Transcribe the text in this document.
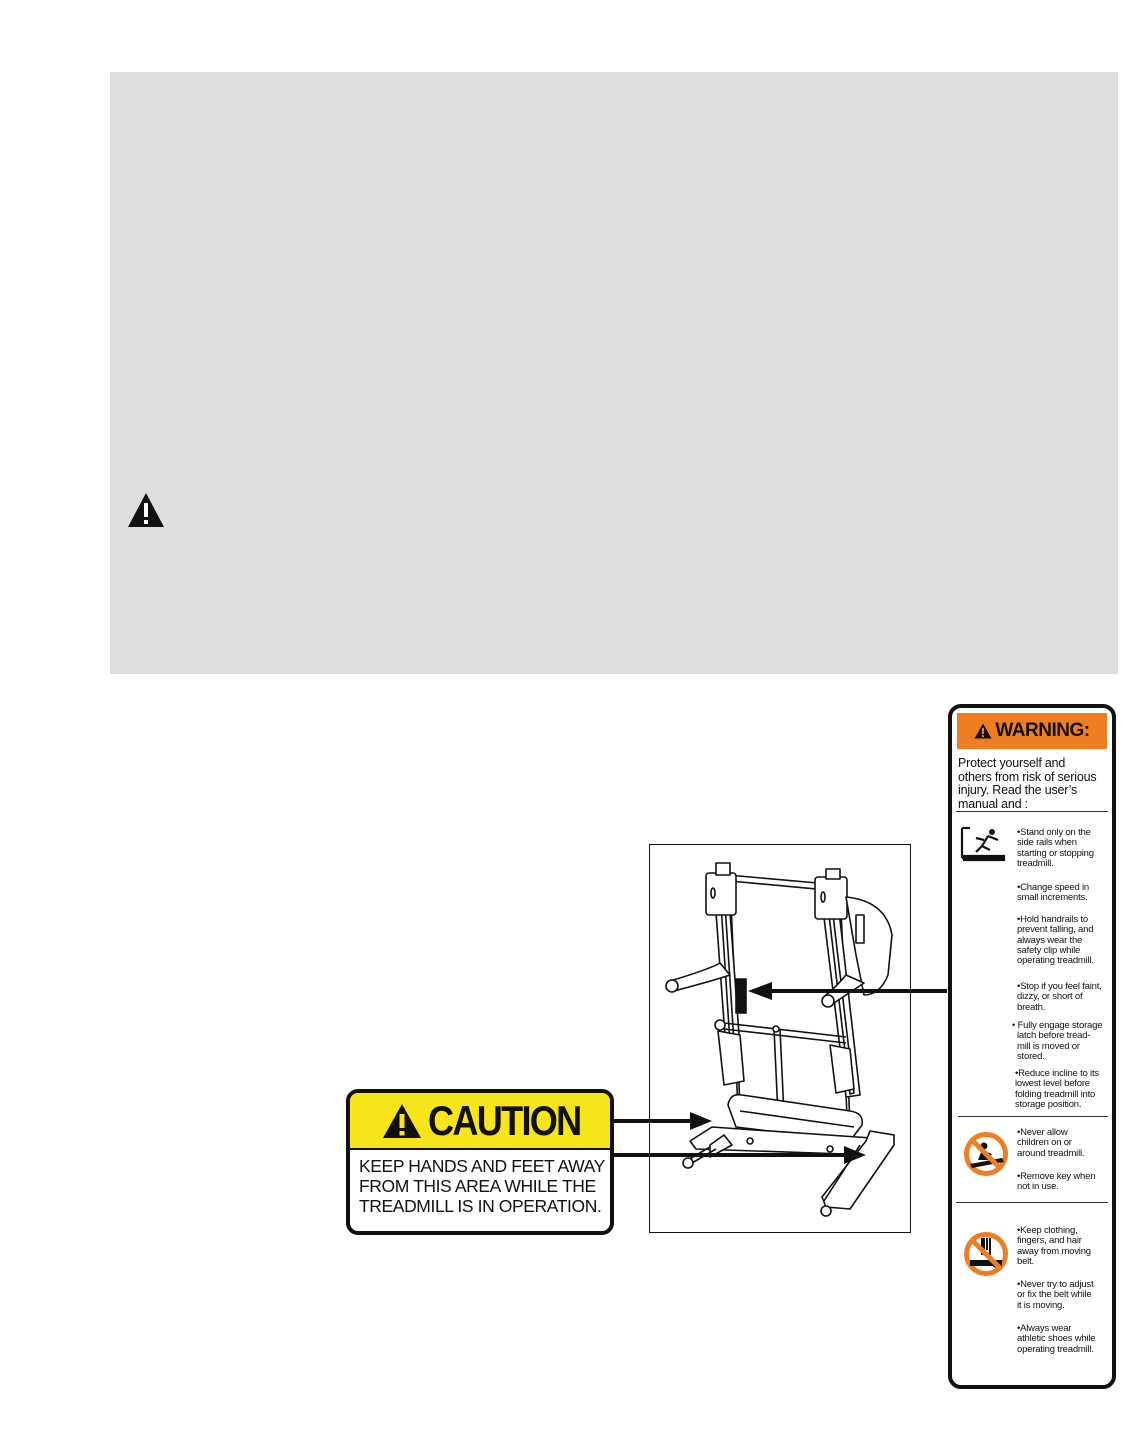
CAUTION
KEEP HANDS AND FEET AWAY
FROM THIS AREA WHILE THE
TREADMILL IS IN OPERATION.
WARNING:
Protect yourself and
others from risk of serious
injury. Read the user’s
manual and :
•Stand only on the
side rails when
starting or stopping
treadmill.
•Change speed in
small increments.
•Hold handrails to
prevent falling, and
always wear the
safety clip while
operating treadmill.
•Stop if you feel faint,
dizzy, or short of
breath.
• Fully engage storage
latch before tread-
mill is moved or
stored.
•Reduce incline to its
lowest level before
folding treadmill into
storage position.
•Never allow
children on or
around treadmill.
•Remove key when
not in use.
•Keep clothing,
fingers, and hair
away from moving
belt.
•Never try to adjust
or fix the belt while
it is moving.
•Always wear
athletic shoes while
operating treadmill.
